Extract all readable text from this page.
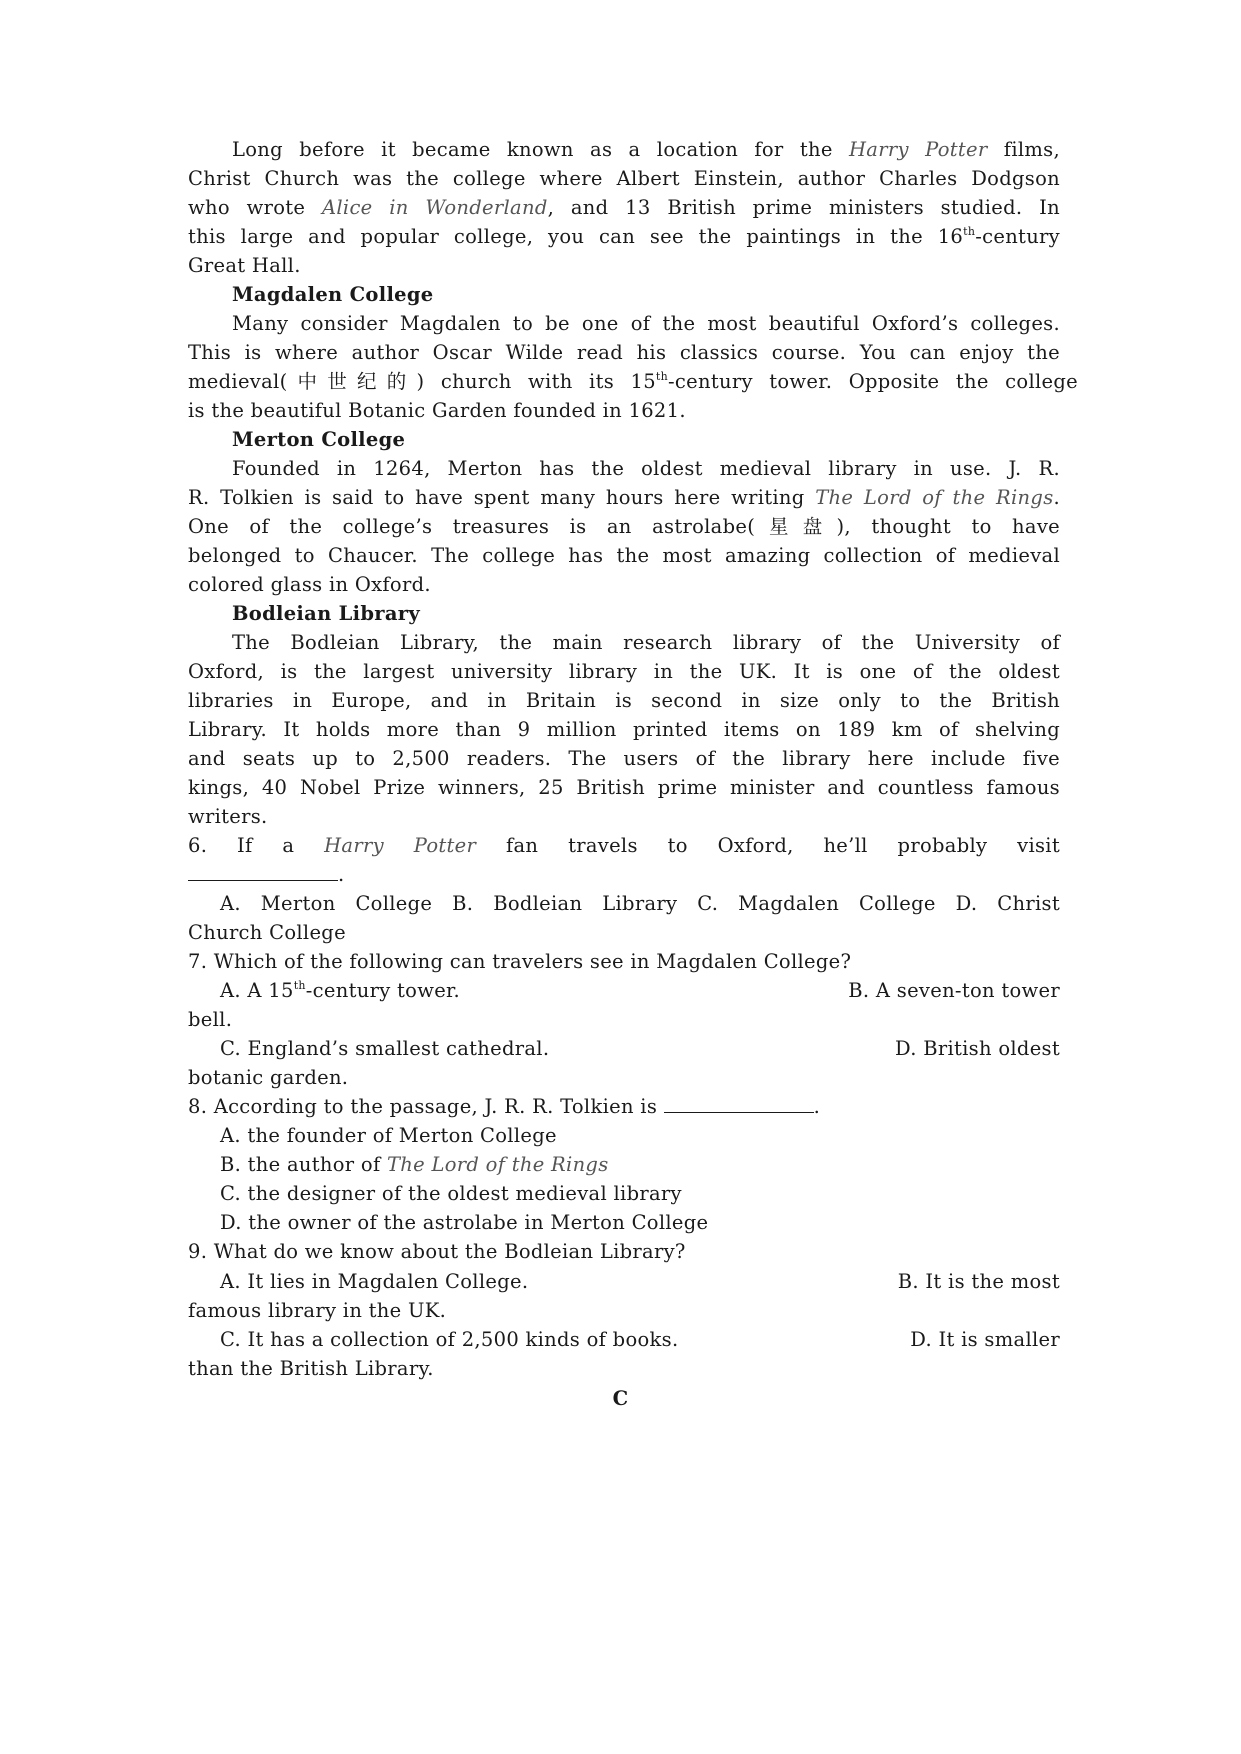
Long before it became known as a location for the Harry Potter films,
Christ Church was the college where Albert Einstein, author Charles Dodgson
who wrote Alice in Wonderland, and 13 British prime ministers studied. In
this large and popular college, you can see the paintings in the 16th-century
Great Hall.
Magdalen College
Many consider Magdalen to be one of the most beautiful Oxford’s colleges.
This is where author Oscar Wilde read his classics course. You can enjoy the
medieval(中世纪的) church with its 15th-century tower. Opposite the college
is the beautiful Botanic Garden founded in 1621.
Merton College
Founded in 1264, Merton has the oldest medieval library in use. J. R.
R. Tolkien is said to have spent many hours here writing The Lord of the Rings.
One of the college’s treasures is an astrolabe(星盘), thought to have
belonged to Chaucer. The college has the most amazing collection of medieval
colored glass in Oxford.
Bodleian Library
The Bodleian Library, the main research library of the University of
Oxford, is the largest university library in the UK. It is one of the oldest
libraries in Europe, and in Britain is second in size only to the British
Library. It holds more than 9 million printed items on 189 km of shelving
and seats up to 2,500 readers. The users of the library here include five
kings, 40 Nobel Prize winners, 25 British prime minister and countless famous
writers.
6. If a Harry Potter fan travels to Oxford, he’ll probably visit
.
A. Merton College B. Bodleian Library C. Magdalen College D. Christ
Church College
7. Which of the following can travelers see in Magdalen College?
A. A 15th-century tower.	B. A seven-ton tower
bell.
C. England’s smallest cathedral.	D. British oldest
botanic garden.
8. According to the passage, J. R. R. Tolkien is	.
A. the founder of Merton College
B. the author of The Lord of the Rings
C. the designer of the oldest medieval library
D. the owner of the astrolabe in Merton College
9. What do we know about the Bodleian Library?
A. It lies in Magdalen College.	B. It is the most
famous library in the UK.
C. It has a collection of 2,500 kinds of books.	D. It is smaller
than the British Library.
C
